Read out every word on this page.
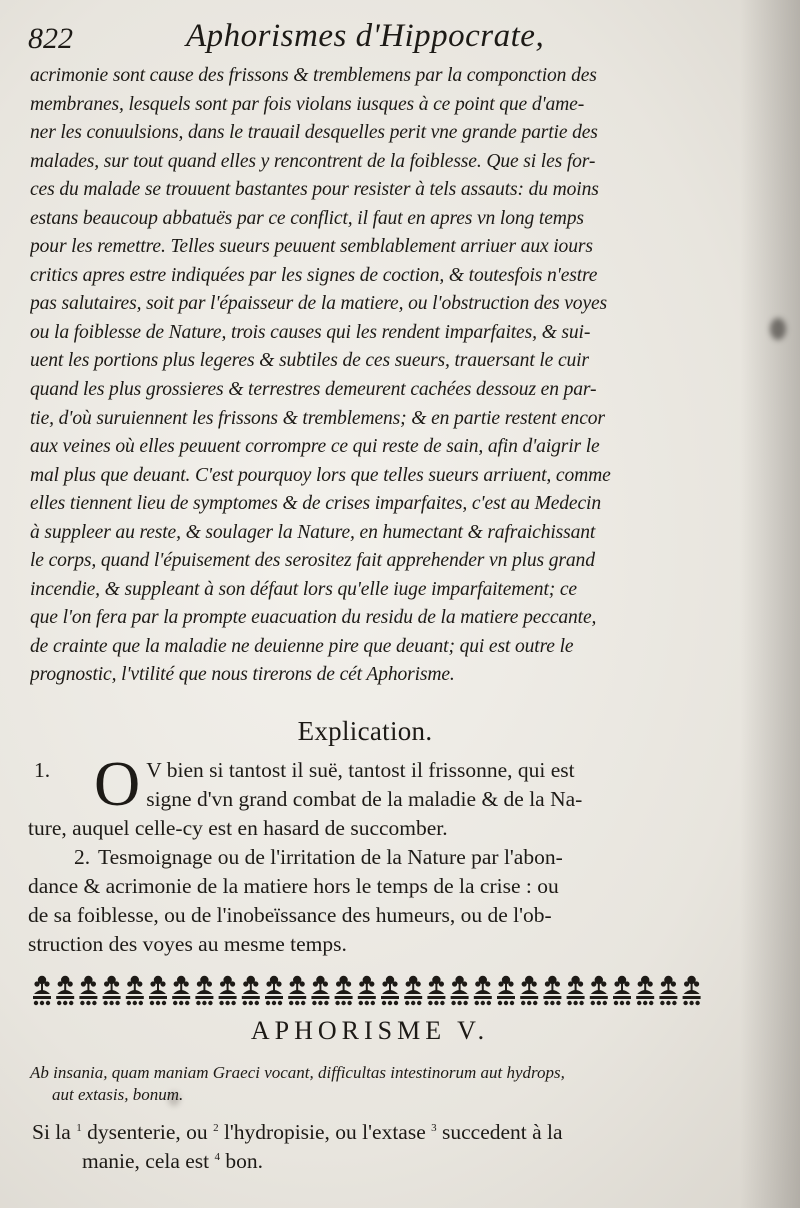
822	Aphorismes d'Hippocrate,
acrimonie sont cause des frissons & tremblemens par la componction des
membranes, lesquels sont par fois violans iusques à ce point que d'ame-
ner les conuulsions, dans le trauail desquelles perit vne grande partie des
malades, sur tout quand elles y rencontrent de la foiblesse. Que si les for-
ces du malade se trouuent bastantes pour resister à tels assauts: du moins
estans beaucoup abbatuës par ce conflict, il faut en apres vn long temps
pour les remettre. Telles sueurs peuuent semblablement arriuer aux iours
critics apres estre indiquées par les signes de coction, & toutesfois n'estre
pas salutaires, soit par l'épaisseur de la matiere, ou l'obstruction des voyes
ou la foiblesse de Nature, trois causes qui les rendent imparfaites, & sui-
uent les portions plus legeres & subtiles de ces sueurs, trauersant le cuir
quand les plus grossieres & terrestres demeurent cachées dessouz en par-
tie, d'où suruiennent les frissons & tremblemens; & en partie restent encor
aux veines où elles peuuent corrompre ce qui reste de sain, afin d'aigrir le
mal plus que deuant. C'est pourquoy lors que telles sueurs arriuent, comme
elles tiennent lieu de symptomes & de crises imparfaites, c'est au Medecin
à suppleer au reste, & soulager la Nature, en humectant & rafraichissant
le corps, quand l'épuisement des serositez fait apprehender vn plus grand
incendie, & suppleant à son défaut lors qu'elle iuge imparfaitement; ce
que l'on fera par la prompte euacuation du residu de la matiere peccante,
de crainte que la maladie ne deuienne pire que deuant; qui est outre le
prognostic, l'vtilité que nous tirerons de cét Aphorisme.
Explication.
1. O V bien si tantost il suë, tantost il frissonne, qui est
signe d'vn grand combat de la maladie & de la Na-
ture, auquel celle-cy est en hasard de succomber.
2. Tesmoignage ou de l'irritation de la Nature par l'abon-
dance & acrimonie de la matiere hors le temps de la crise : ou
de sa foiblesse, ou de l'inobeïssance des humeurs, ou de l'ob-
struction des voyes au mesme temps.
APHORISME V.
Ab insania, quam maniam Graeci vocant, difficultas intestinorum aut hydrops,
aut extasis, bonum.
Si la $^1$ dysenterie, ou $^2$ l'hydropisie, ou l'extase $^3$ succedent à la
manie, cela est $^4$ bon.
